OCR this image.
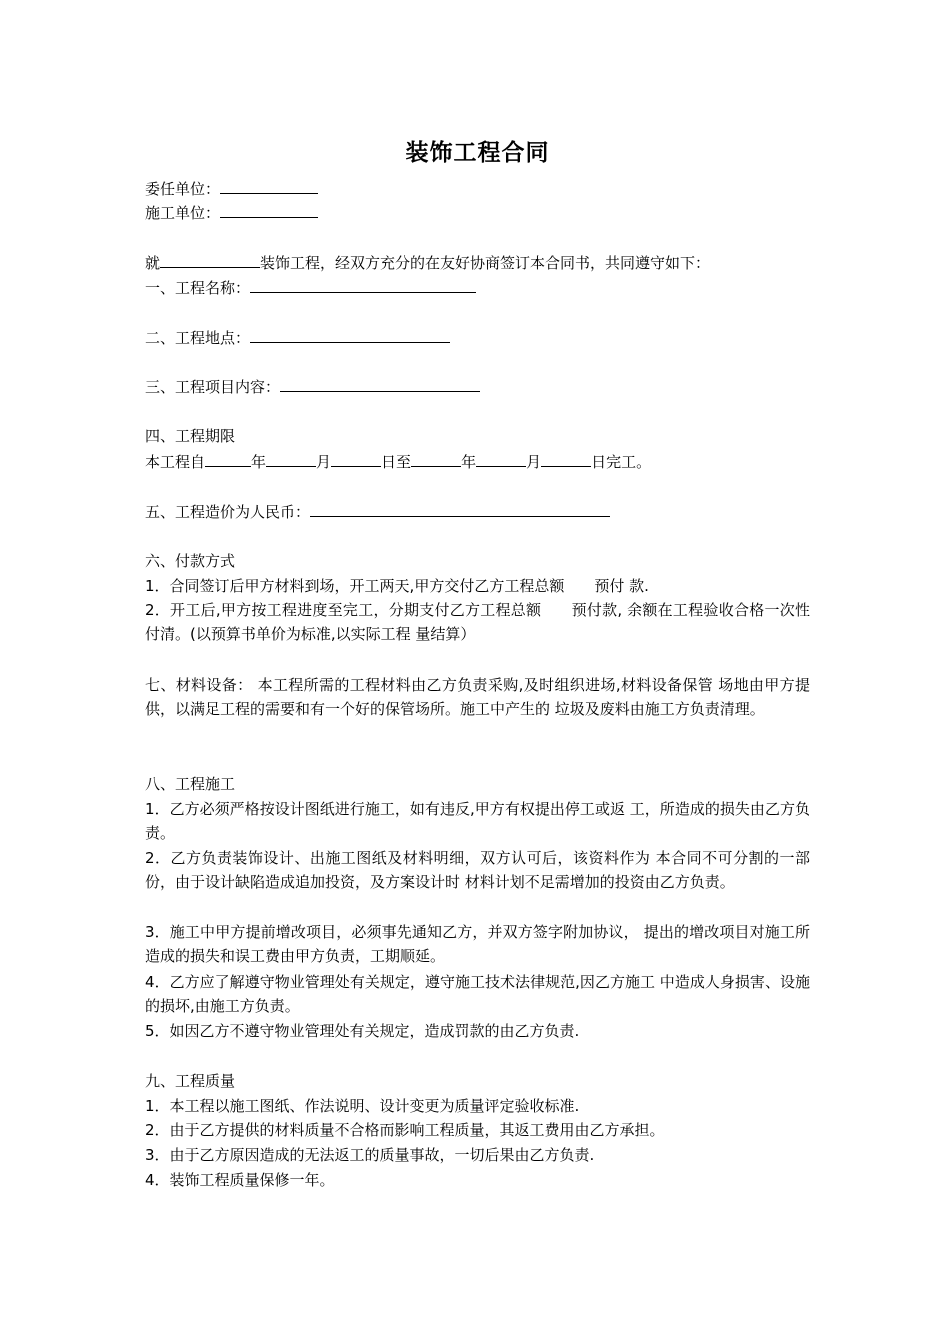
装饰工程合同
委任单位：
施工单位：
就	装饰工程，经双方充分的在友好协商签订本合同书，共同遵守如下：
一、工程名称：
二、工程地点：
三、工程项目内容：
四、工程期限
本工程自	年	月	日至	年	月	日完工。
五、工程造价为人民币：
六、付款方式
1．合同签订后甲方材料到场，开工两天,甲方交付乙方工程总额 预付 款.
2．开工后,甲方按工程进度至完工，分期支付乙方工程总额 预付款, 余额在工程验收合格一次性付清。(以预算书单价为标准,以实际工程 量结算）
七、材料设备： 本工程所需的工程材料由乙方负责采购,及时组织进场,材料设备保管 场地由甲方提供，以满足工程的需要和有一个好的保管场所。施工中产生的 垃圾及废料由施工方负责清理。
八、工程施工
1．乙方必须严格按设计图纸进行施工，如有违反,甲方有权提出停工或返 工，所造成的损失由乙方负责。
2．乙方负责装饰设计、出施工图纸及材料明细，双方认可后，该资料作为 本合同不可分割的一部份，由于设计缺陷造成追加投资，及方案设计时 材料计划不足需增加的投资由乙方负责。
3．施工中甲方提前增改项目，必须事先通知乙方，并双方签字附加协议， 提出的增改项目对施工所造成的损失和误工费由甲方负责，工期顺延。
4．乙方应了解遵守物业管理处有关规定，遵守施工技术法律规范,因乙方施工 中造成人身损害、设施的损坏,由施工方负责。
5．如因乙方不遵守物业管理处有关规定，造成罚款的由乙方负责.
九、工程质量
1．本工程以施工图纸、作法说明、设计变更为质量评定验收标准.
2．由于乙方提供的材料质量不合格而影响工程质量，其返工费用由乙方承担。
3．由于乙方原因造成的无法返工的质量事故，一切后果由乙方负责.
4．装饰工程质量保修一年。
